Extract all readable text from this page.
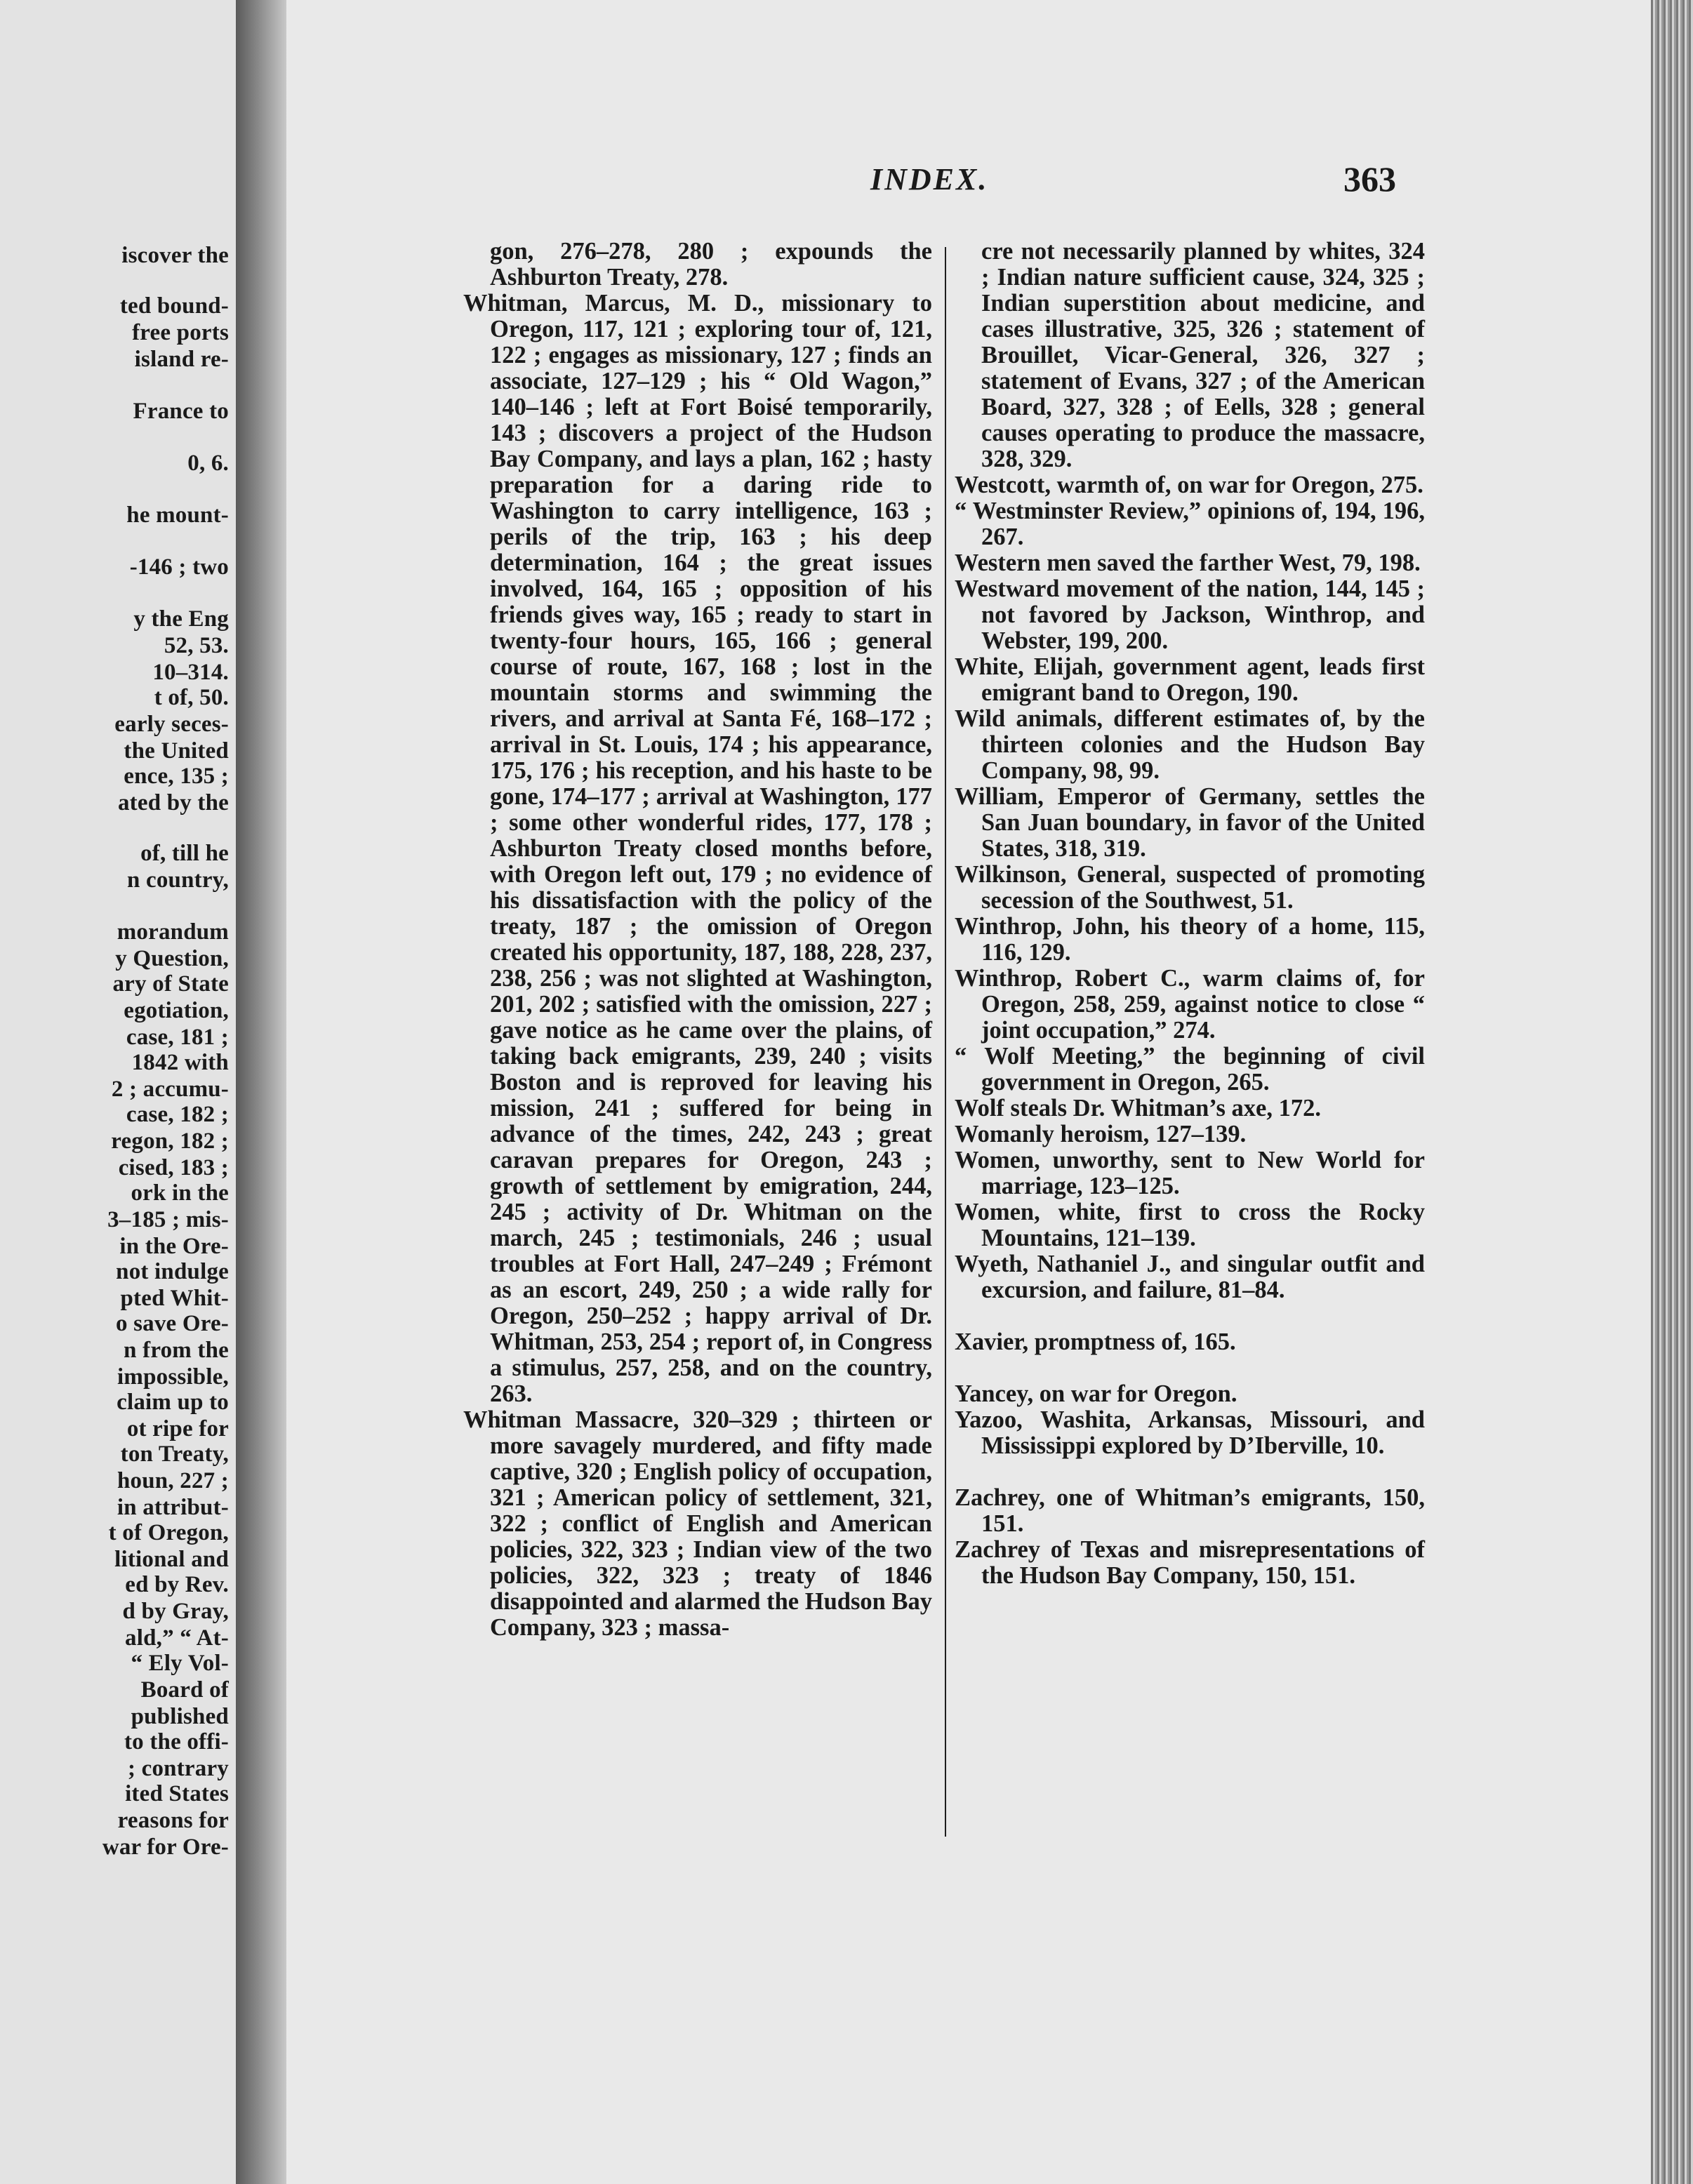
iscover the
ted bound-
free ports
island re-
France to
0, 6.
he mount-
-146 ; two
y the Eng
52, 53.
10–314.
t of, 50.
early seces-
the United
ence, 135 ;
ated by the
of, till he
n country,
morandum
y Question,
ary of State
egotiation,
case, 181 ;
1842 with
2 ; accumu-
case, 182 ;
regon, 182 ;
cised, 183 ;
ork in the
3–185 ; mis-
in the Ore-
not indulge
pted Whit-
o save Ore-
n from the
impossible,
claim up to
ot ripe for
ton Treaty,
houn, 227 ;
in attribut-
t of Oregon,
litional and
ed by Rev.
d by Gray,
ald,” “ At-
“ Ely Vol-
Board of
published
to the offi-
; contrary
ited States
reasons for
war for Ore-
INDEX.	363

gon, 276–278, 280 ; expounds the Ashburton Treaty, 278.

Whitman, Marcus, M. D., missionary to Oregon, 117, 121 ; exploring tour of, 121, 122 ; engages as missionary, 127 ; finds an associate, 127–129 ; his “ Old Wagon,” 140–146 ; left at Fort Boisé temporarily, 143 ; discovers a project of the Hudson Bay Company, and lays a plan, 162 ; hasty preparation for a daring ride to Washington to carry intelligence, 163 ; perils of the trip, 163 ; his deep determination, 164 ; the great issues involved, 164, 165 ; opposition of his friends gives way, 165 ; ready to start in twenty-four hours, 165, 166 ; general course of route, 167, 168 ; lost in the mountain storms and swimming the rivers, and arrival at Santa Fé, 168–172 ; arrival in St. Louis, 174 ; his appearance, 175, 176 ; his reception, and his haste to be gone, 174–177 ; arrival at Washington, 177 ; some other wonderful rides, 177, 178 ; Ashburton Treaty closed months before, with Oregon left out, 179 ; no evidence of his dissatisfaction with the policy of the treaty, 187 ; the omission of Oregon created his opportunity, 187, 188, 228, 237, 238, 256 ; was not slighted at Washington, 201, 202 ; satisfied with the omission, 227 ; gave notice as he came over the plains, of taking back emigrants, 239, 240 ; visits Boston and is reproved for leaving his mission, 241 ; suffered for being in advance of the times, 242, 243 ; great caravan prepares for Oregon, 243 ; growth of settlement by emigration, 244, 245 ; activity of Dr. Whitman on the march, 245 ; testimonials, 246 ; usual troubles at Fort Hall, 247–249 ; Frémont as an escort, 249, 250 ; a wide rally for Oregon, 250–252 ; happy arrival of Dr. Whitman, 253, 254 ; report of, in Congress a stimulus, 257, 258, and on the country, 263.

Whitman Massacre, 320–329 ; thirteen or more savagely murdered, and fifty made captive, 320 ; English policy of occupation, 321 ; American policy of settlement, 321, 322 ; conflict of English and American policies, 322, 323 ; Indian view of the two policies, 322, 323 ; treaty of 1846 disappointed and alarmed the Hudson Bay Company, 323 ; massa-

cre not necessarily planned by whites, 324 ; Indian nature sufficient cause, 324, 325 ; Indian superstition about medicine, and cases illustrative, 325, 326 ; statement of Brouillet, Vicar-General, 326, 327 ; statement of Evans, 327 ; of the American Board, 327, 328 ; of Eells, 328 ; general causes operating to produce the massacre, 328, 329.

Westcott, warmth of, on war for Oregon, 275.

“ Westminster Review,” opinions of, 194, 196, 267.

Western men saved the farther West, 79, 198.

Westward movement of the nation, 144, 145 ; not favored by Jackson, Winthrop, and Webster, 199, 200.

White, Elijah, government agent, leads first emigrant band to Oregon, 190.

Wild animals, different estimates of, by the thirteen colonies and the Hudson Bay Company, 98, 99.

William, Emperor of Germany, settles the San Juan boundary, in favor of the United States, 318, 319.

Wilkinson, General, suspected of promoting secession of the Southwest, 51.

Winthrop, John, his theory of a home, 115, 116, 129.

Winthrop, Robert C., warm claims of, for Oregon, 258, 259, against notice to close “ joint occupation,” 274.

“ Wolf Meeting,” the beginning of civil government in Oregon, 265.

Wolf steals Dr. Whitman’s axe, 172.

Womanly heroism, 127–139.

Women, unworthy, sent to New World for marriage, 123–125.

Women, white, first to cross the Rocky Mountains, 121–139.

Wyeth, Nathaniel J., and singular outfit and excursion, and failure, 81–84.

Xavier, promptness of, 165.

Yancey, on war for Oregon.

Yazoo, Washita, Arkansas, Missouri, and Mississippi explored by D’Iberville, 10.

Zachrey, one of Whitman’s emigrants, 150, 151.

Zachrey of Texas and misrepresentations of the Hudson Bay Company, 150, 151.
